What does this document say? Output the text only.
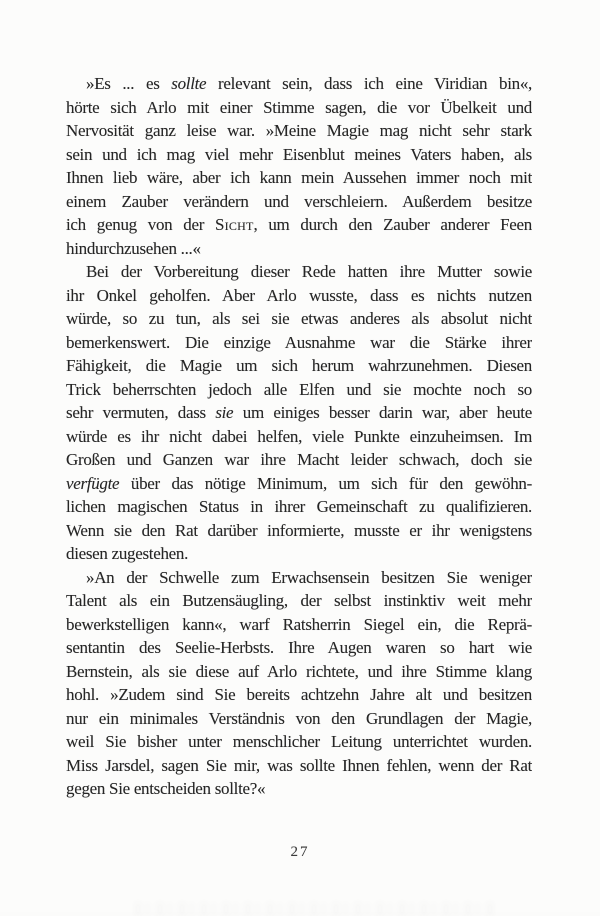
»Es ... es sollte relevant sein, dass ich eine Viridian bin«,
hörte sich Arlo mit einer Stimme sagen, die vor Übelkeit und
Nervosität ganz leise war. »Meine Magie mag nicht sehr stark
sein und ich mag viel mehr Eisenblut meines Vaters haben, als
Ihnen lieb wäre, aber ich kann mein Aussehen immer noch mit
einem Zauber verändern und verschleiern. Außerdem besitze
ich genug von der Sicht, um durch den Zauber anderer Feen
hindurchzusehen ...«
Bei der Vorbereitung dieser Rede hatten ihre Mutter sowie
ihr Onkel geholfen. Aber Arlo wusste, dass es nichts nutzen
würde, so zu tun, als sei sie etwas anderes als absolut nicht
bemerkenswert. Die einzige Ausnahme war die Stärke ihrer
Fähigkeit, die Magie um sich herum wahrzunehmen. Diesen
Trick beherrschten jedoch alle Elfen und sie mochte noch so
sehr vermuten, dass sie um einiges besser darin war, aber heute
würde es ihr nicht dabei helfen, viele Punkte einzuheimsen. Im
Großen und Ganzen war ihre Macht leider schwach, doch sie
verfügte über das nötige Minimum, um sich für den gewöhn-
lichen magischen Status in ihrer Gemeinschaft zu qualifizieren.
Wenn sie den Rat darüber informierte, musste er ihr wenigstens
diesen zugestehen.
»An der Schwelle zum Erwachsensein besitzen Sie weniger
Talent als ein Butzensäugling, der selbst instinktiv weit mehr
bewerkstelligen kann«, warf Ratsherrin Siegel ein, die Reprä-
sentantin des Seelie-Herbsts. Ihre Augen waren so hart wie
Bernstein, als sie diese auf Arlo richtete, und ihre Stimme klang
hohl. »Zudem sind Sie bereits achtzehn Jahre alt und besitzen
nur ein minimales Verständnis von den Grundlagen der Magie,
weil Sie bisher unter menschlicher Leitung unterrichtet wurden.
Miss Jarsdel, sagen Sie mir, was sollte Ihnen fehlen, wenn der Rat
gegen Sie entscheiden sollte?«
27
